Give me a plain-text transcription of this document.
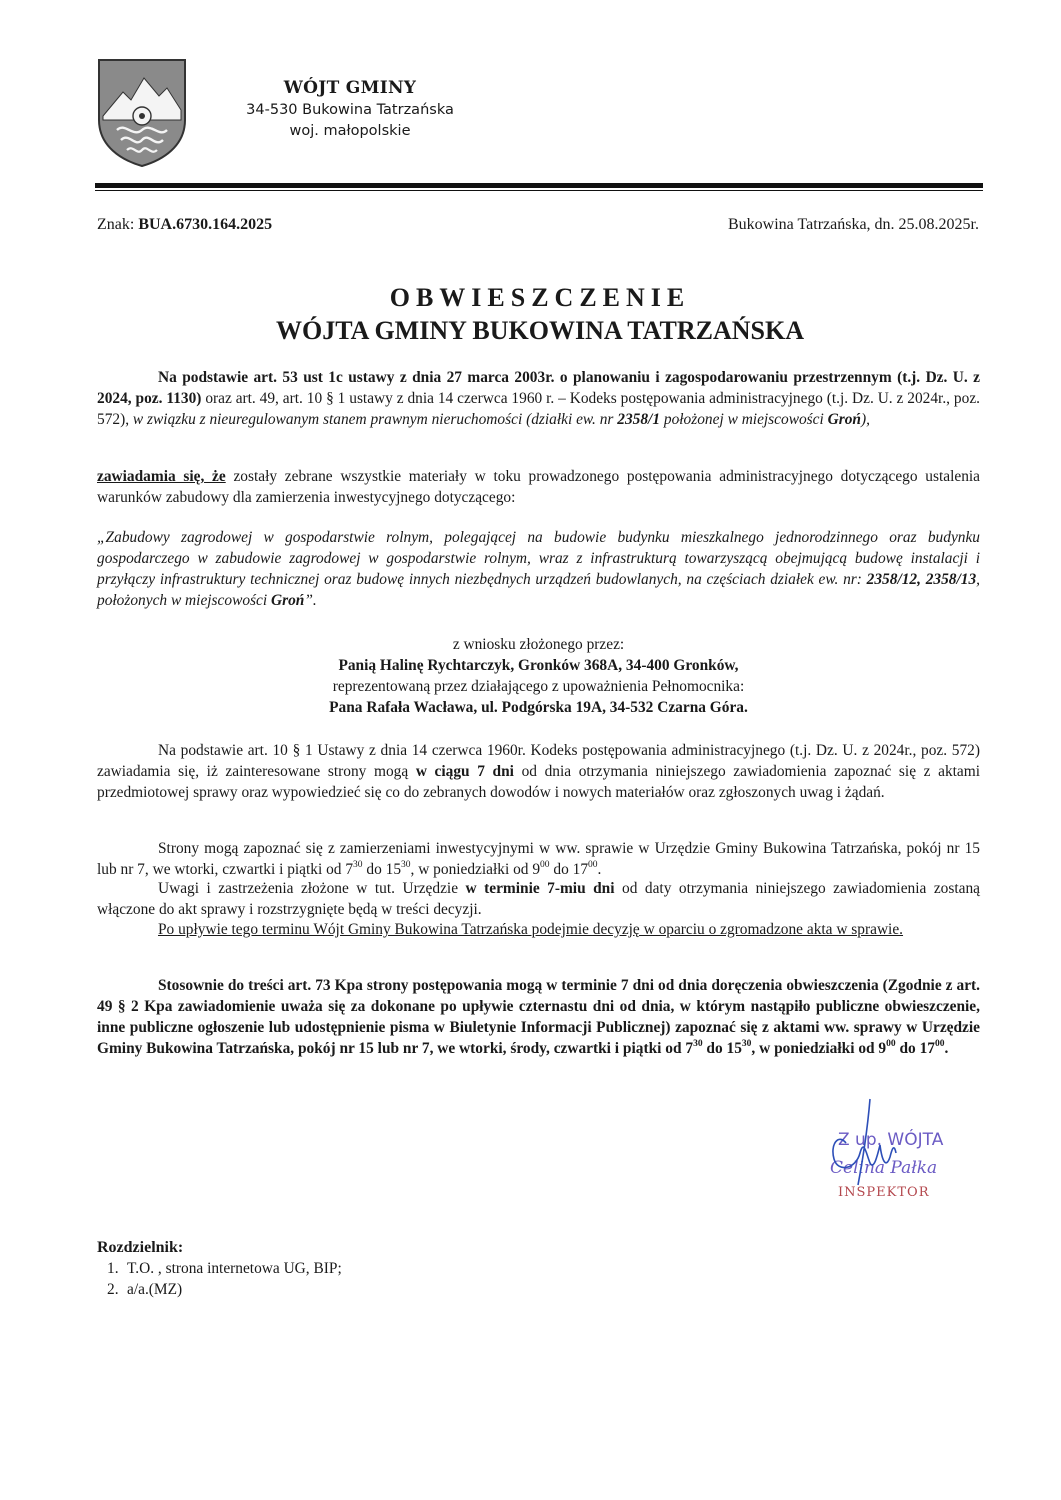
WÓJT GMINY
34-530 Bukowina Tatrzańska
woj. małopolskie
Znak: BUA.6730.164.2025	Bukowina Tatrzańska, dn. 25.08.2025r.
OBWIESZCZENIE
WÓJTA GMINY BUKOWINA TATRZAŃSKA
Na podstawie art. 53 ust 1c ustawy z dnia 27 marca 2003r. o planowaniu i zagospodarowaniu przestrzennym (t.j. Dz. U. z 2024, poz. 1130) oraz art. 49, art. 10 § 1 ustawy z dnia 14 czerwca 1960 r. – Kodeks postępowania administracyjnego (t.j. Dz. U. z 2024r., poz. 572), w związku z nieuregulowanym stanem prawnym nieruchomości (działki ew. nr 2358/1 położonej w miejscowości Groń),
zawiadamia się, że zostały zebrane wszystkie materiały w toku prowadzonego postępowania administracyjnego dotyczącego ustalenia warunków zabudowy dla zamierzenia inwestycyjnego dotyczącego:
„Zabudowy zagrodowej w gospodarstwie rolnym, polegającej na budowie budynku mieszkalnego jednorodzinnego oraz budynku gospodarczego w zabudowie zagrodowej w gospodarstwie rolnym, wraz z infrastrukturą towarzyszącą obejmującą budowę instalacji i przyłączy infrastruktury technicznej oraz budowę innych niezbędnych urządzeń budowlanych, na częściach działek ew. nr: 2358/12, 2358/13, położonych w miejscowości Groń”.
z wniosku złożonego przez:
Panią Halinę Rychtarczyk, Gronków 368A, 34-400 Gronków,
reprezentowaną przez działającego z upoważnienia Pełnomocnika:
Pana Rafała Wacława, ul. Podgórska 19A, 34-532 Czarna Góra.
Na podstawie art. 10 § 1 Ustawy z dnia 14 czerwca 1960r. Kodeks postępowania administracyjnego (t.j. Dz. U. z 2024r., poz. 572) zawiadamia się, iż zainteresowane strony mogą w ciągu 7 dni od dnia otrzymania niniejszego zawiadomienia zapoznać się z aktami przedmiotowej sprawy oraz wypowiedzieć się co do zebranych dowodów i nowych materiałów oraz zgłoszonych uwag i żądań.
Strony mogą zapoznać się z zamierzeniami inwestycyjnymi w ww. sprawie w Urzędzie Gminy Bukowina Tatrzańska, pokój nr 15 lub nr 7, we wtorki, czwartki i piątki od $7^{30}$ do $15^{30}$, w poniedziałki od $9^{00}$ do $17^{00}$.
Uwagi i zastrzeżenia złożone w tut. Urzędzie w terminie 7-miu dni od daty otrzymania niniejszego zawiadomienia zostaną włączone do akt sprawy i rozstrzygnięte będą w treści decyzji.
Po upływie tego terminu Wójt Gminy Bukowina Tatrzańska podejmie decyzję w oparciu o zgromadzone akta w sprawie.
Stosownie do treści art. 73 Kpa strony postępowania mogą w terminie 7 dni od dnia doręczenia obwieszczenia (Zgodnie z art. 49 § 2 Kpa zawiadomienie uważa się za dokonane po upływie czternastu dni od dnia, w którym nastąpiło publiczne obwieszczenie, inne publiczne ogłoszenie lub udostępnienie pisma w Biuletynie Informacji Publicznej) zapoznać się z aktami ww. sprawy w Urzędzie Gminy Bukowina Tatrzańska, pokój nr 15 lub nr 7, we wtorki, środy, czwartki i piątki od $7^{30}$ do $15^{30}$, w poniedziałki od $9^{00}$ do $17^{00}$.
Z up. WÓJTA
Celina Pałka
INSPEKTOR
Rozdzielnik:
1. T.O. , strona internetowa UG, BIP;
2. a/a.(MZ)
